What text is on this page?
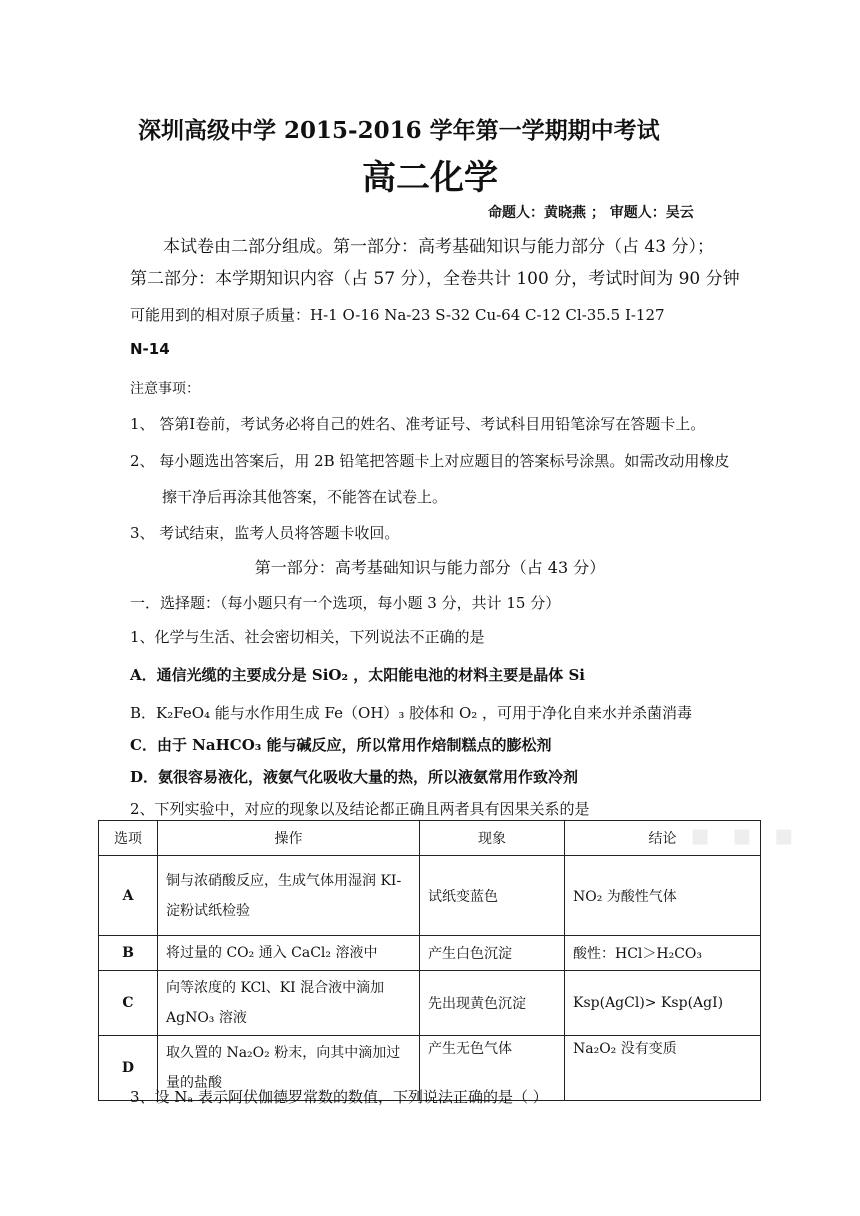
深圳高级中学 2015-2016 学年第一学期期中考试
高二化学
命题人：黄晓燕 ； 审题人：吴云
本试卷由二部分组成。第一部分：高考基础知识与能力部分（占 43 分）；
第二部分：本学期知识内容（占 57 分），全卷共计 100 分，考试时间为 90 分钟
可能用到的相对原子质量：H-1 O-16 Na-23 S-32 Cu-64 C-12 Cl-35.5 I-127
N-14
注意事项：
1、 答第Ⅰ卷前，考试务必将自己的姓名、准考证号、考试科目用铅笔涂写在答题卡上。
2、 每小题选出答案后，用 2B 铅笔把答题卡上对应题目的答案标号涂黑。如需改动用橡皮
擦干净后再涂其他答案，不能答在试卷上。
3、 考试结束，监考人员将答题卡收回。
第一部分：高考基础知识与能力部分（占 43 分）
一．选择题：（每小题只有一个选项，每小题 3 分，共计 15 分）
1、化学与生活、社会密切相关，下列说法不正确的是
A．通信光缆的主要成分是 SiO₂ ，太阳能电池的材料主要是晶体 Si
B．K₂FeO₄ 能与水作用生成 Fe（OH）₃ 胶体和 O₂ ，可用于净化自来水并杀菌消毒
C．由于 NaHCO₃ 能与碱反应，所以常用作焙制糕点的膨松剂
D．氨很容易液化，液氨气化吸收大量的热，所以液氨常用作致冷剂
2、下列实验中，对应的现象以及结论都正确且两者具有因果关系的是
▪ ▪ ▪
选项	操作	现象	结论
A	铜与浓硝酸反应，生成气体用湿润 KI-淀粉试纸检验	试纸变蓝色	NO₂ 为酸性气体
B	将过量的 CO₂ 通入 CaCl₂ 溶液中	产生白色沉淀	酸性：HCl＞H₂CO₃
C	向等浓度的 KCl、KI 混合液中滴加 AgNO₃ 溶液	先出现黄色沉淀	Ksp(AgCl)> Ksp(AgI)
D	取久置的 Na₂O₂ 粉末，向其中滴加过量的盐酸	产生无色气体	Na₂O₂ 没有变质
3、设 Nₐ 表示阿伏伽德罗常数的数值，下列说法正确的是（ ）
